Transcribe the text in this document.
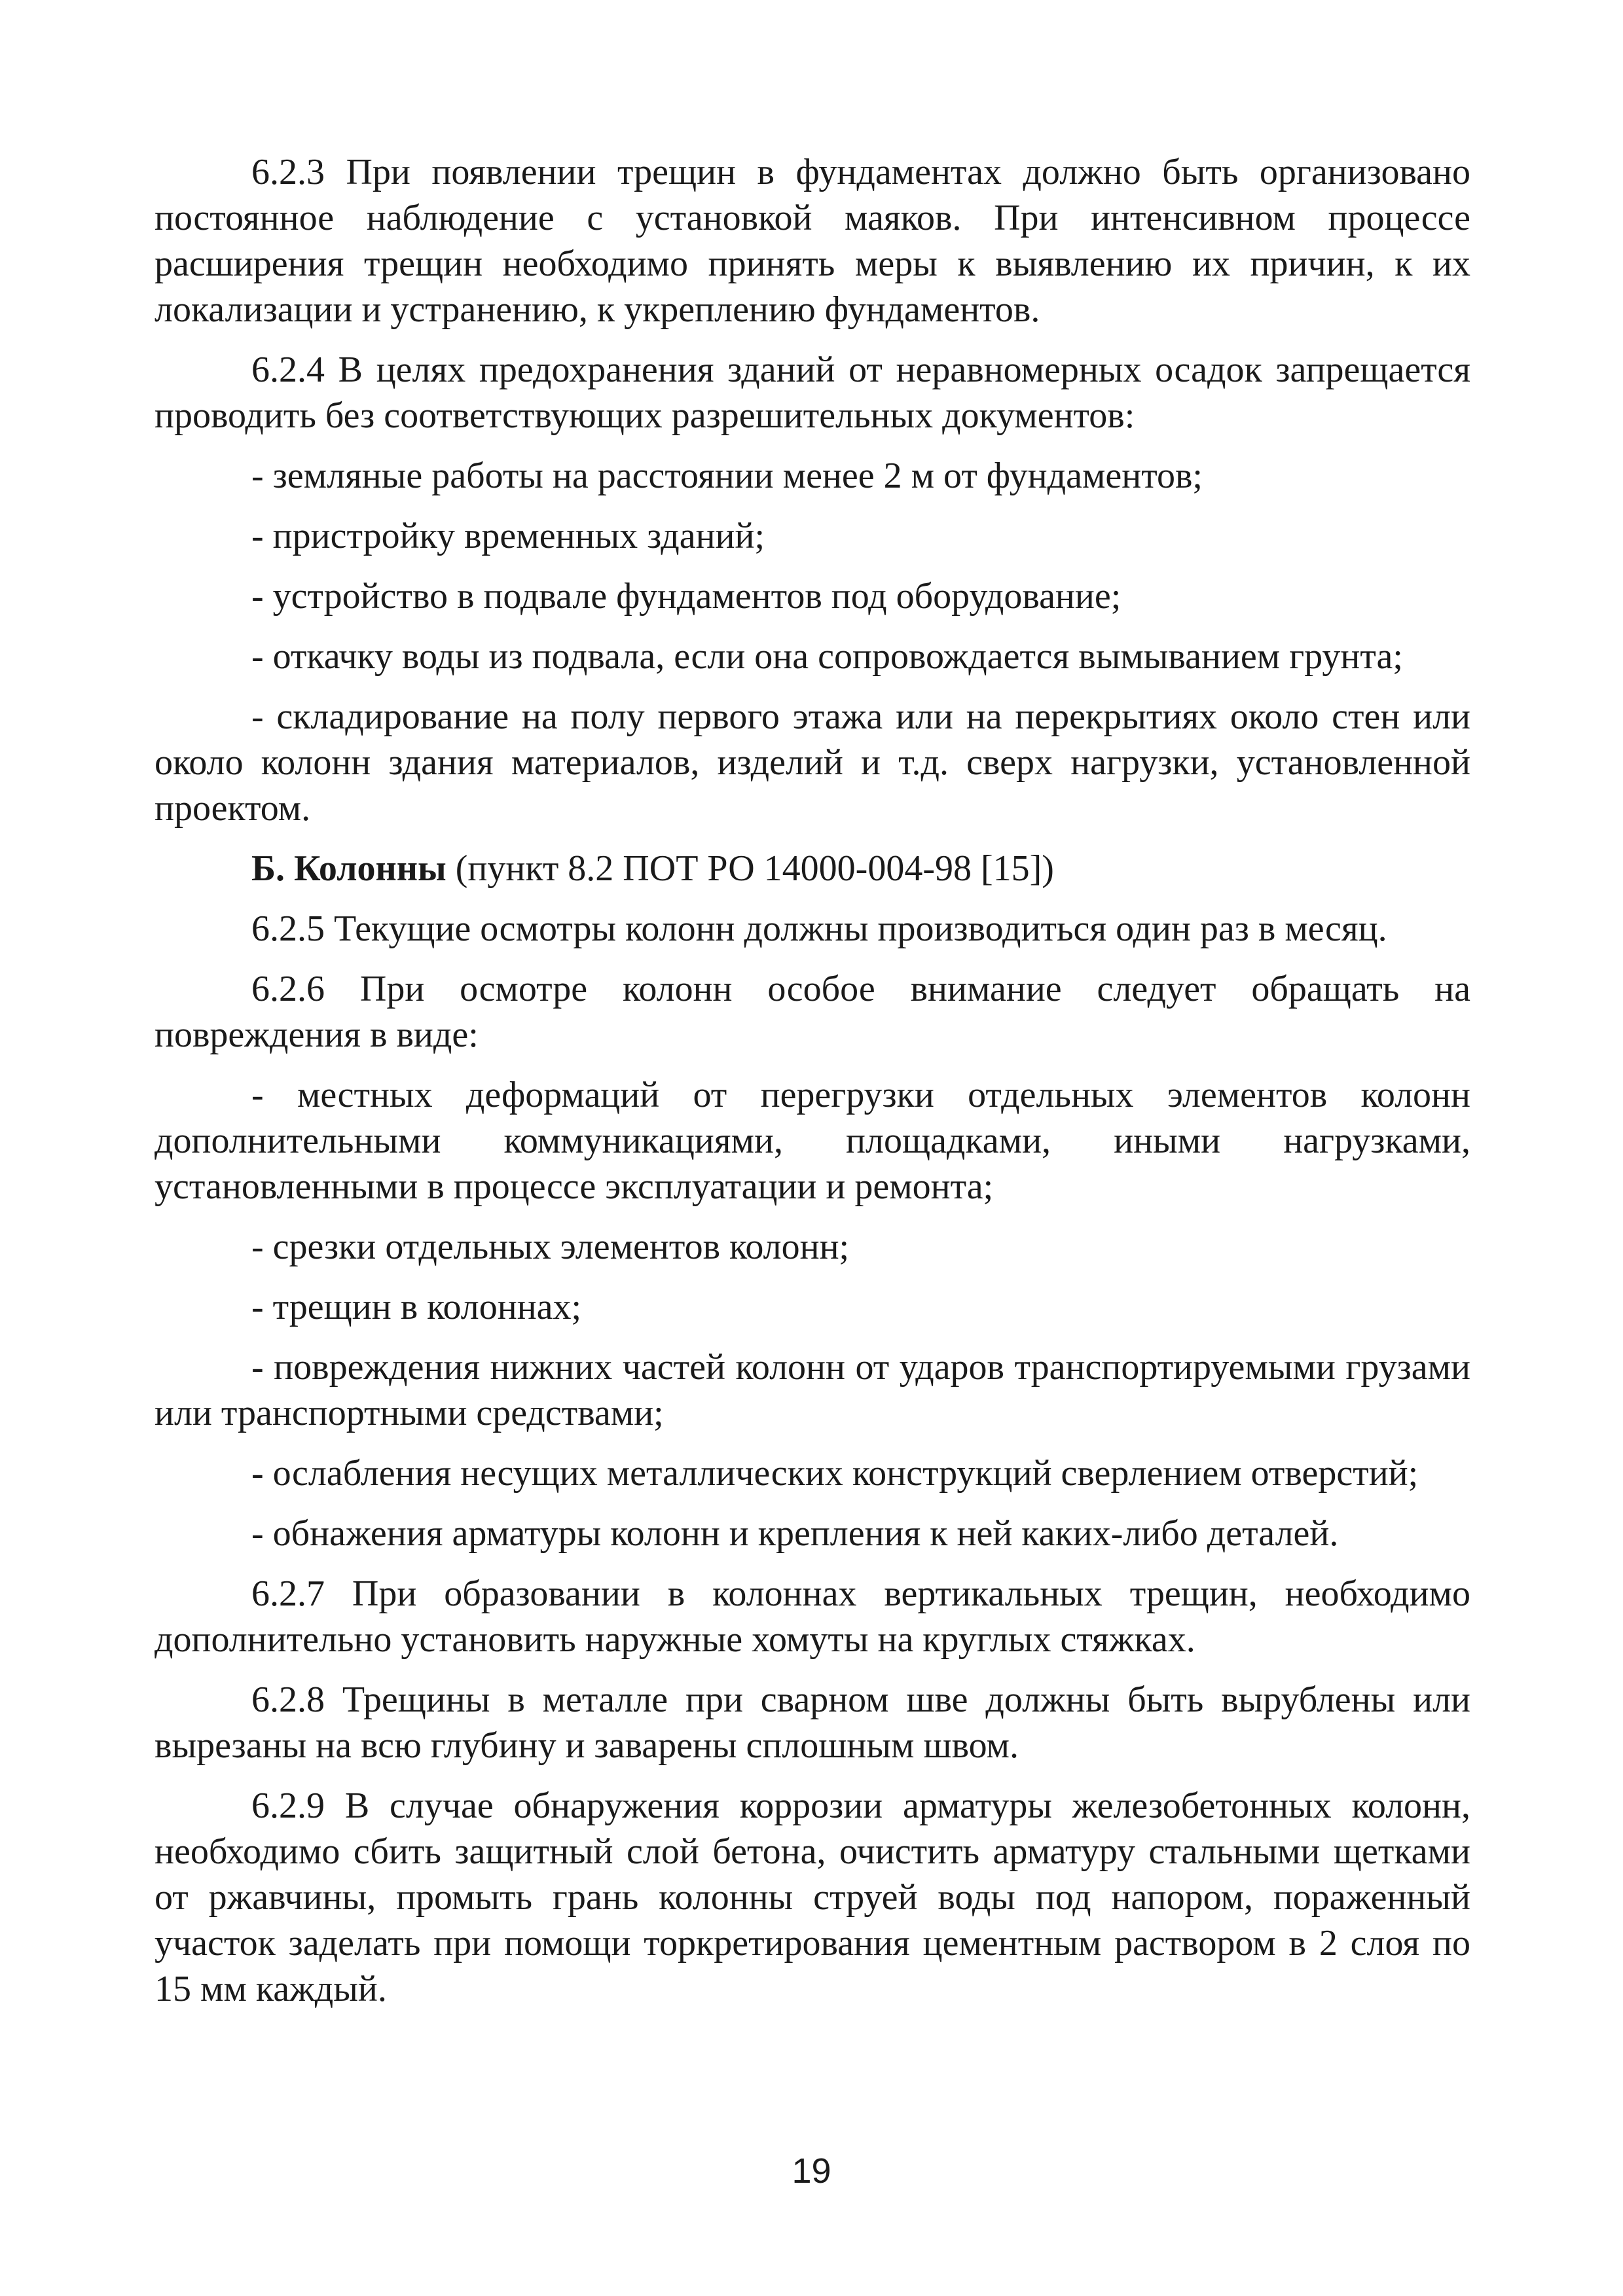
6.2.3 При появлении трещин в фундаментах должно быть организовано постоянное наблюдение с установкой маяков. При интенсивном процессе расширения трещин необходимо принять меры к выявлению их причин, к их локализации и устранению, к укреплению фундаментов.

6.2.4 В целях предохранения зданий от неравномерных осадок запрещается проводить без соответствующих разрешительных документов:

- земляные работы на расстоянии менее 2 м от фундаментов;

- пристройку временных зданий;

- устройство в подвале фундаментов под оборудование;

- откачку воды из подвала, если она сопровождается вымыванием грунта;

- складирование на полу первого этажа или на перекрытиях около стен или около колонн здания материалов, изделий и т.д. сверх нагрузки, установленной проектом.

Б. Колонны (пункт 8.2 ПОТ РО 14000-004-98 [15])

6.2.5 Текущие осмотры колонн должны производиться один раз в месяц.

6.2.6 При осмотре колонн особое внимание следует обращать на повреждения в виде:

- местных деформаций от перегрузки отдельных элементов колонн дополнительными коммуникациями, площадками, иными нагрузками, установленными в процессе эксплуатации и ремонта;

- срезки отдельных элементов колонн;

- трещин в колоннах;

- повреждения нижних частей колонн от ударов транспортируемыми грузами или транспортными средствами;

- ослабления несущих металлических конструкций сверлением отверстий;

- обнажения арматуры колонн и крепления к ней каких-либо деталей.

6.2.7 При образовании в колоннах вертикальных трещин, необходимо дополнительно установить наружные хомуты на круглых стяжках.

6.2.8 Трещины в металле при сварном шве должны быть вырублены или вырезаны на всю глубину и заварены сплошным швом.

6.2.9 В случае обнаружения коррозии арматуры железобетонных колонн, необходимо сбить защитный слой бетона, очистить арматуру стальными щетками от ржавчины, промыть грань колонны струей воды под напором, пораженный участок заделать при помощи торкретирования цементным раствором в 2 слоя по 15 мм каждый.

19
